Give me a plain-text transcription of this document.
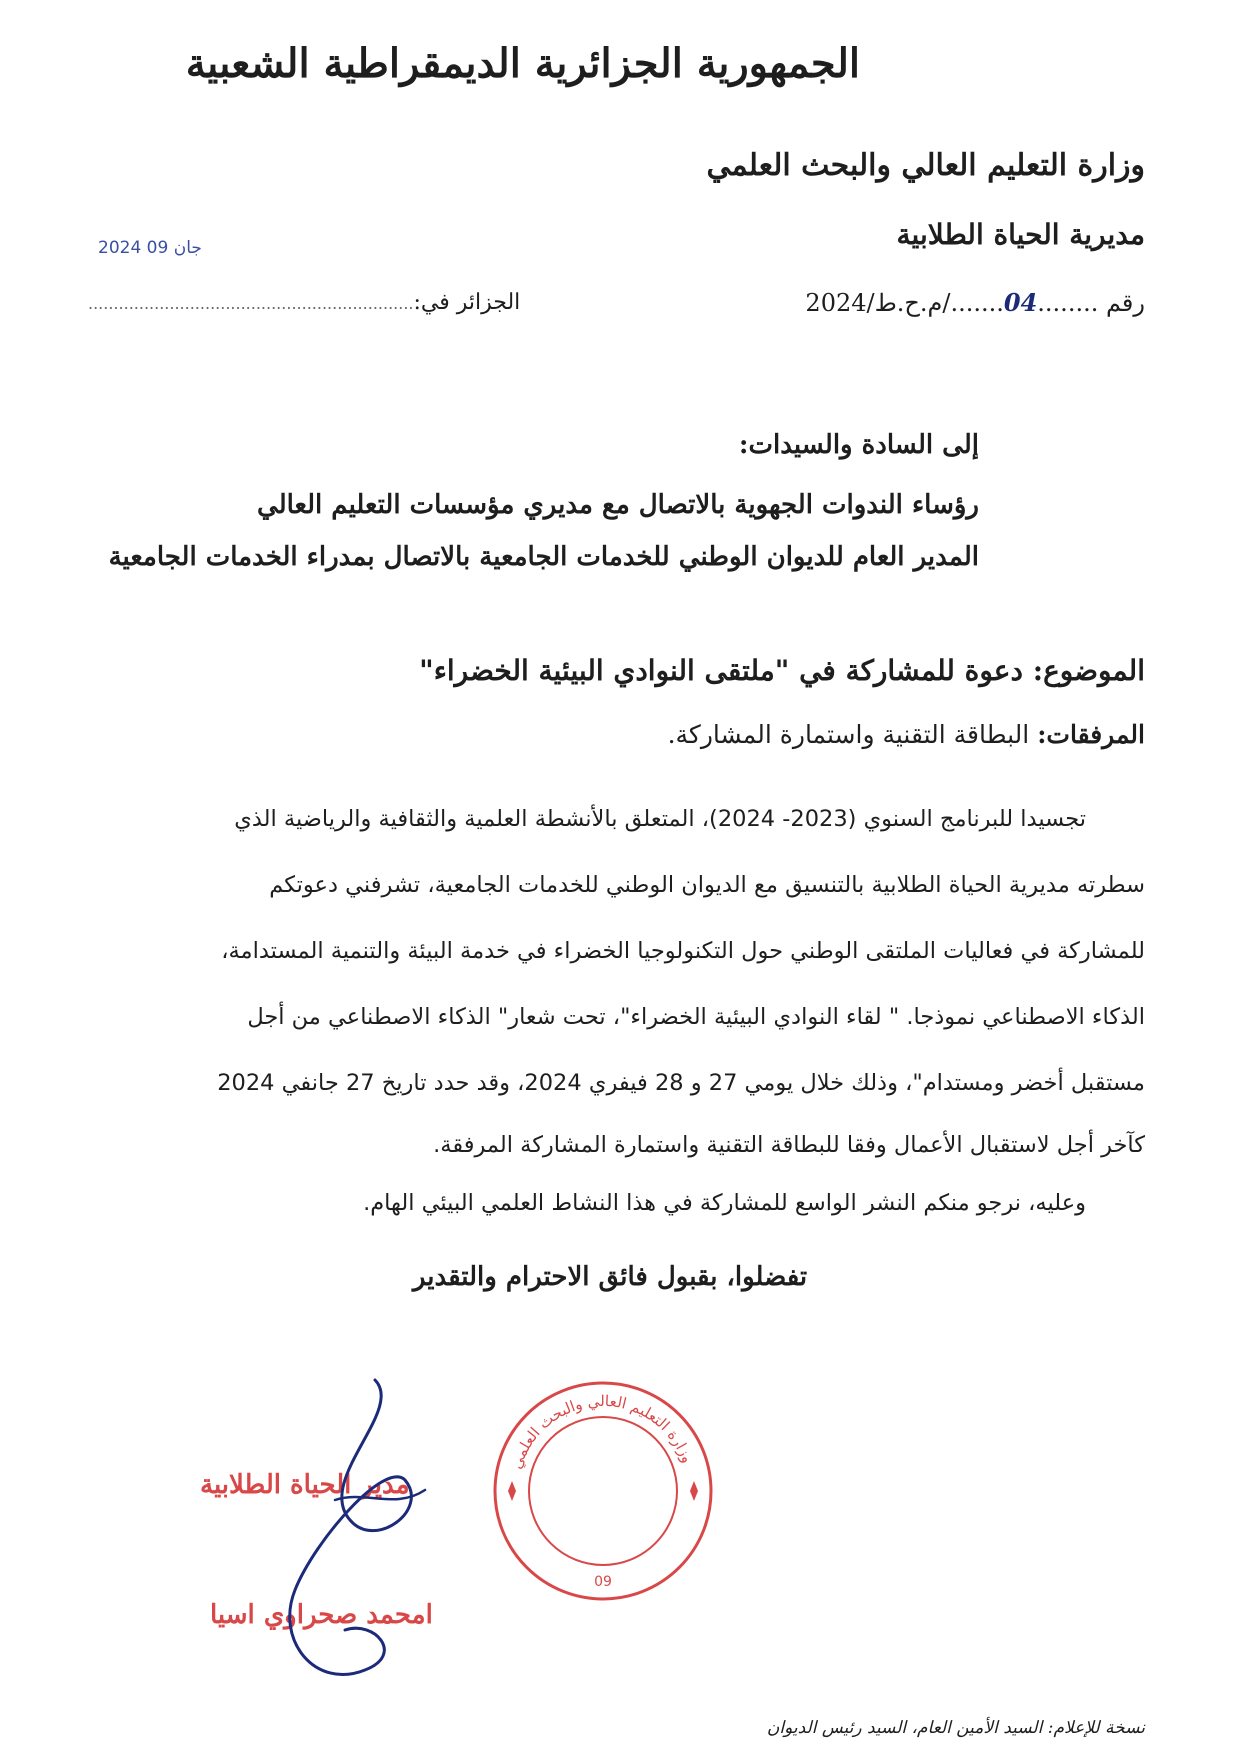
الجمهورية الجزائرية الديمقراطية الشعبية
وزارة التعليم العالي والبحث العلمي
مديرية الحياة الطلابية
2024 جان 09
رقم ........04......./م.ح.ط/2024
الجزائر في:................................................................
إلى السادة والسيدات:
رؤساء الندوات الجهوية بالاتصال مع مديري مؤسسات التعليم العالي
المدير العام للديوان الوطني للخدمات الجامعية بالاتصال بمدراء الخدمات الجامعية
الموضوع: دعوة للمشاركة في "ملتقى النوادي البيئية الخضراء"
المرفقات: البطاقة التقنية واستمارة المشاركة.
تجسيدا للبرنامج السنوي (2023- 2024)، المتعلق بالأنشطة العلمية والثقافية والرياضية الذي
سطرته مديرية الحياة الطلابية بالتنسيق مع الديوان الوطني للخدمات الجامعية، تشرفني دعوتكم
للمشاركة في فعاليات الملتقى الوطني حول التكنولوجيا الخضراء في خدمة البيئة والتنمية المستدامة،
الذكاء الاصطناعي نموذجا. " لقاء النوادي البيئية الخضراء"، تحت شعار" الذكاء الاصطناعي من أجل
مستقبل أخضر ومستدام"، وذلك خلال يومي 27 و 28 فيفري 2024، وقد حدد تاريخ 27 جانفي 2024
كآخر أجل لاستقبال الأعمال وفقا للبطاقة التقنية واستمارة المشاركة المرفقة.
وعليه، نرجو منكم النشر الواسع للمشاركة في هذا النشاط العلمي البيئي الهام.
تفضلوا، بقبول فائق الاحترام والتقدير
مدير الحياة الطلابية
امحمد صحراوي اسيا
وزارة التعليم العالي والبحث العلمي
09
نسخة للإعلام: السيد الأمين العام، السيد رئيس الديوان
